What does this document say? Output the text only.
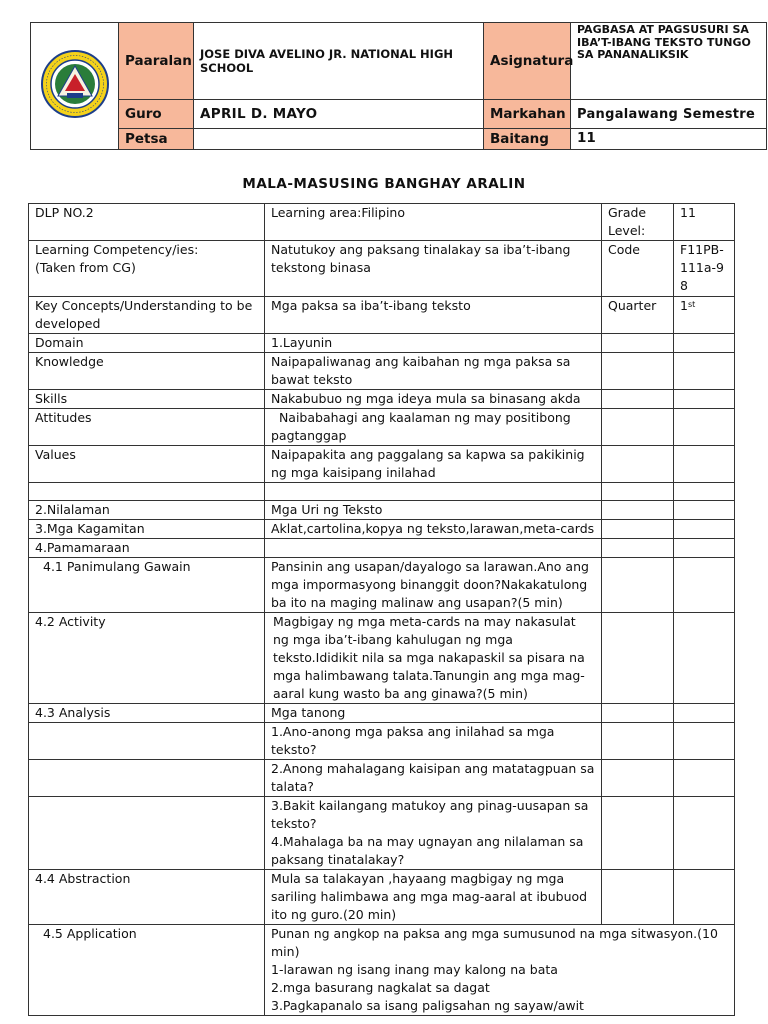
	Paaralan	JOSE DIVA AVELINO JR. NATIONAL HIGH SCHOOL	Asignatura	PAGBASA AT PAGSUSURI SA IBA’T-IBANG TEKSTO TUNGO SA PANANALIKSIK
	Guro	APRIL D. MAYO	Markahan	Pangalawang Semestre
	Petsa		Baitang	11
MALA-MASUSING BANGHAY ARALIN
DLP NO.2	Learning area:Filipino	Grade Level:	11

Learning Competency/ies:
(Taken from CG)	Natutukoy ang paksang tinalakay sa iba’t-ibang tekstong binasa	Code	F11PB-111a-98
Key Concepts/Understanding to be developed	Mga paksa sa iba’t-ibang teksto	Quarter	1st
Domain	1.Layunin		
Knowledge	Naipapaliwanag ang kaibahan ng mga paksa sa bawat teksto		
Skills	Nakabubuo ng mga ideya mula sa binasang akda		
Attitudes	Naibabahagi ang kaalaman ng may positibong pagtanggap		
Values	Naipapakita ang paggalang sa kapwa sa pakikinig ng mga kaisipang inilahad		

2.Nilalaman	Mga Uri ng Teksto		
3.Mga Kagamitan	Aklat,cartolina,kopya ng teksto,larawan,meta-cards		
4.Pamamaraan			
4.1 Panimulang Gawain	Pansinin ang usapan/dayalogo sa larawan.Ano ang mga impormasyong binanggit doon?Nakakatulong ba ito na maging malinaw ang usapan?(5 min)		
4.2 Activity	Magbigay ng mga meta-cards na may nakasulat ng mga iba’t-ibang kahulugan ng mga teksto.Ididikit nila sa mga nakapaskil sa pisara na mga halimbawang talata.Tanungin ang mga mag-aaral kung wasto ba ang ginawa?(5 min)		
4.3 Analysis	Mga tanong		
	1.Ano-anong mga paksa ang inilahad sa mga teksto?		
	2.Anong mahalagang kaisipan ang matatagpuan sa talata?		

	3.Bakit kailangang matukoy ang pinag-uusapan sa teksto?
4.Mahalaga ba na may ugnayan ang nilalaman sa paksang tinatalakay?		

4.4 Abstraction	Mula sa talakayan ,hayaang magbigay ng mga sariling halimbawa ang mga mag-aaral at ibubuod ito ng guro.(20 min)		
4.5 Application	Punan ng angkop na paksa ang mga sumusunod na mga sitwasyon.(10 min)
1-larawan ng isang inang may kalong na bata
2.mga basurang nagkalat sa dagat
3.Pagkapanalo sa isang paligsahan ng sayaw/awit		
